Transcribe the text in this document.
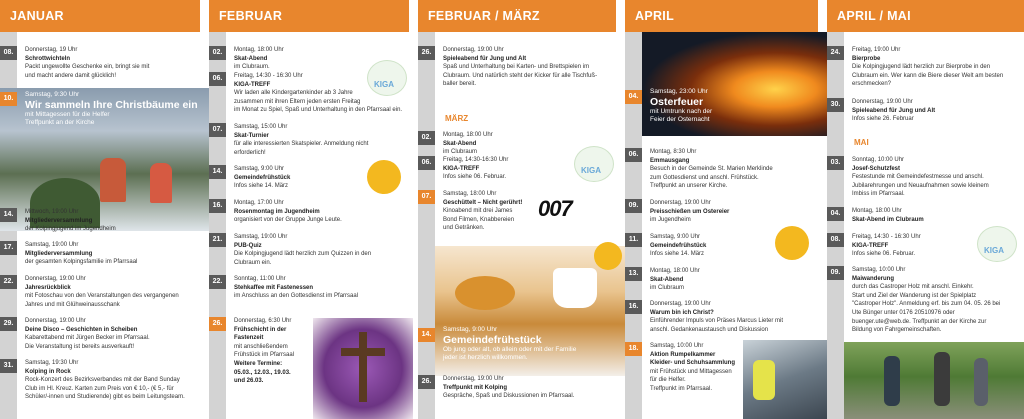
JANUAR	FEBRUAR	FEBRUAR / MÄRZ	APRIL	APRIL / MAI
08.	Donnerstag, 19 Uhr
Schrottwichteln
Packt ungewollte Geschenke ein, bringt sie mit
und macht andere damit glücklich!
10.
Samstag, 9:30 Uhr
Wir sammeln Ihre Christbäume ein
mit Mittagessen für die Helfer
Treffpunkt an der Kirche
14.	Mittwoch, 19:00 Uhr
Mitgliederversammlung
der Kolpingjugend im Jugendheim
17.	Samstag, 19:00 Uhr
Mitgliederversammlung
der gesamten Kolpingsfamilie im Pfarrsaal
22.	Donnerstag, 19:00 Uhr
Jahresrückblick
mit Fotoschau von den Veranstaltungen des vergangenen
Jahres und mit Glühweinausschank
29.	Donnerstag, 19:00 Uhr
Deine Disco – Geschichten in Scheiben
Kabarettabend mit Jürgen Becker im Pfarrsaal.
Die Veranstaltung ist bereits ausverkauft!
31.	Samstag, 19:30 Uhr
Kolping in Rock
Rock-Konzert des Bezirksverbandes mit der Band Sunday
Club im Hl. Kreuz. Karten zum Preis von € 10,- (€ 5,- für
Schüler/-innen und Studierende) gibt es beim Leitungsteam.
02.	Montag, 18:00 Uhr
Skat-Abend
im Clubraum.
KIGA
06.	Freitag, 14:30 - 16:30 Uhr
KIGA-TREFF
Wir laden alle Kindergartenkinder ab 3 Jahre
zusammen mit ihren Eltern jeden ersten Freitag
im Monat zu Spiel, Spaß und Unterhaltung in den Pfarrsaal ein.
07.	Samstag, 15:00 Uhr
Skat-Turnier
für alle interessierten Skatspieler. Anmeldung nicht
erforderlich!
14.	Samstag, 9:00 Uhr
Gemeindefrühstück
Infos siehe 14. März
16.	Montag, 17:00 Uhr
Rosenmontag im Jugendheim
organisiert von der Gruppe Junge Leute.
21.	Samstag, 19:00 Uhr
PUB-Quiz
Die Kolpingjugend lädt herzlich zum Quizzen in den
Clubraum ein.
22.	Sonntag, 11:00 Uhr
Stehkaffee mit Fastenessen
im Anschluss an den Gottesdienst im Pfarrsaal
26.	Donnerstag, 6:30 Uhr
Frühschicht in der Fastenzeit
mit anschließendem
Frühstück im Pfarrsaal
Weitere Termine:
05.03., 12.03., 19.03.
und 26.03.
26.	Donnerstag, 19:00 Uhr
Spieleabend für Jung und Alt
Spaß und Unterhaltung bei Karten- und Brettspielen im
Clubraum. Und natürlich steht der Kicker für alle Tischfuß-
baller bereit.
MÄRZ
02.	Montag, 18:00 Uhr
Skat-Abend
im Clubraum
06.	Freitag, 14:30-16:30 Uhr
KIGA-TREFF
Infos siehe 06. Februar.
KIGA
07.	Samstag, 18:00 Uhr
Geschüttelt – Nicht gerührt!
Kinoabend mit drei James
Bond Filmen, Knabbereien
und Getränken.
007
14.
Samstag, 9:00 Uhr
Gemeindefrühstück
Ob jung oder alt, ob allein oder mit der Familie
jeder ist herzlich willkommen.
26.	Donnerstag, 19:00 Uhr
Treffpunkt mit Kolping
Gespräche, Spaß und Diskussionen im Pfarrsaal.
04.
Samstag, 23:00 Uhr
Osterfeuer
mit Umtrunk nach der
Feier der Osternacht
06.	Montag, 8:30 Uhr
Emmausgang
Besuch in der Gemeinde St. Marien Merklinde
zum Gottesdienst und anschl. Frühstück.
Treffpunkt an unserer Kirche.
09.	Donnerstag, 19:00 Uhr
Preisschießen um Ostereier
im Jugendheim
11.	Samstag, 9:00 Uhr
Gemeindefrühstück
Infos siehe 14. März
13.	Montag, 18:00 Uhr
Skat-Abend
im Clubraum
16.	Donnerstag, 19:00 Uhr
Warum bin ich Christ?
Einführender Impuls von Präses Marcus Lieter mit
anschl. Gedankenaustausch und Diskussion
18.	Samstag, 10:00 Uhr
Aktion Rumpelkammer
Kleider- und Schuhsammlung
mit Frühstück und Mittagessen
für die Helfer.
Treffpunkt im Pfarrsaal.
24.	Freitag, 19:00 Uhr
Bierprobe
Die Kolpingjugend lädt herzlich zur Bierprobe in den
Clubraum ein. Wer kann die Biere dieser Welt am besten
erschmecken?
30.	Donnerstag, 19:00 Uhr
Spieleabend für Jung und Alt
Infos siehe 26. Februar
MAI
03.	Sonntag, 10:00 Uhr
Josef-Schutzfest
Festestunde mit Gemeindefestmesse und anschl.
Jubilarehrungen und Neuaufnahmen sowie kleinem
Imbiss im Pfarrsaal.
04.	Montag, 18:00 Uhr
Skat-Abend im Clubraum
08.	Freitag, 14:30 - 16:30 Uhr
KIGA-TREFF
Infos siehe 06. Februar.	KIGA
09.	Samstag, 10:00 Uhr
Maiwanderung
durch das Castroper Holz mit anschl. Einkehr.
Start und Ziel der Wanderung ist der Spielplatz
"Castroper Holz". Anmeldung erf. bis zum 04. 05. 26 bei
Ute Bünger unter 0176 20510976 oder
buenger.ute@web.de. Treffpunkt an der Kirche zur
Bildung von Fahrgemeinschaften.
